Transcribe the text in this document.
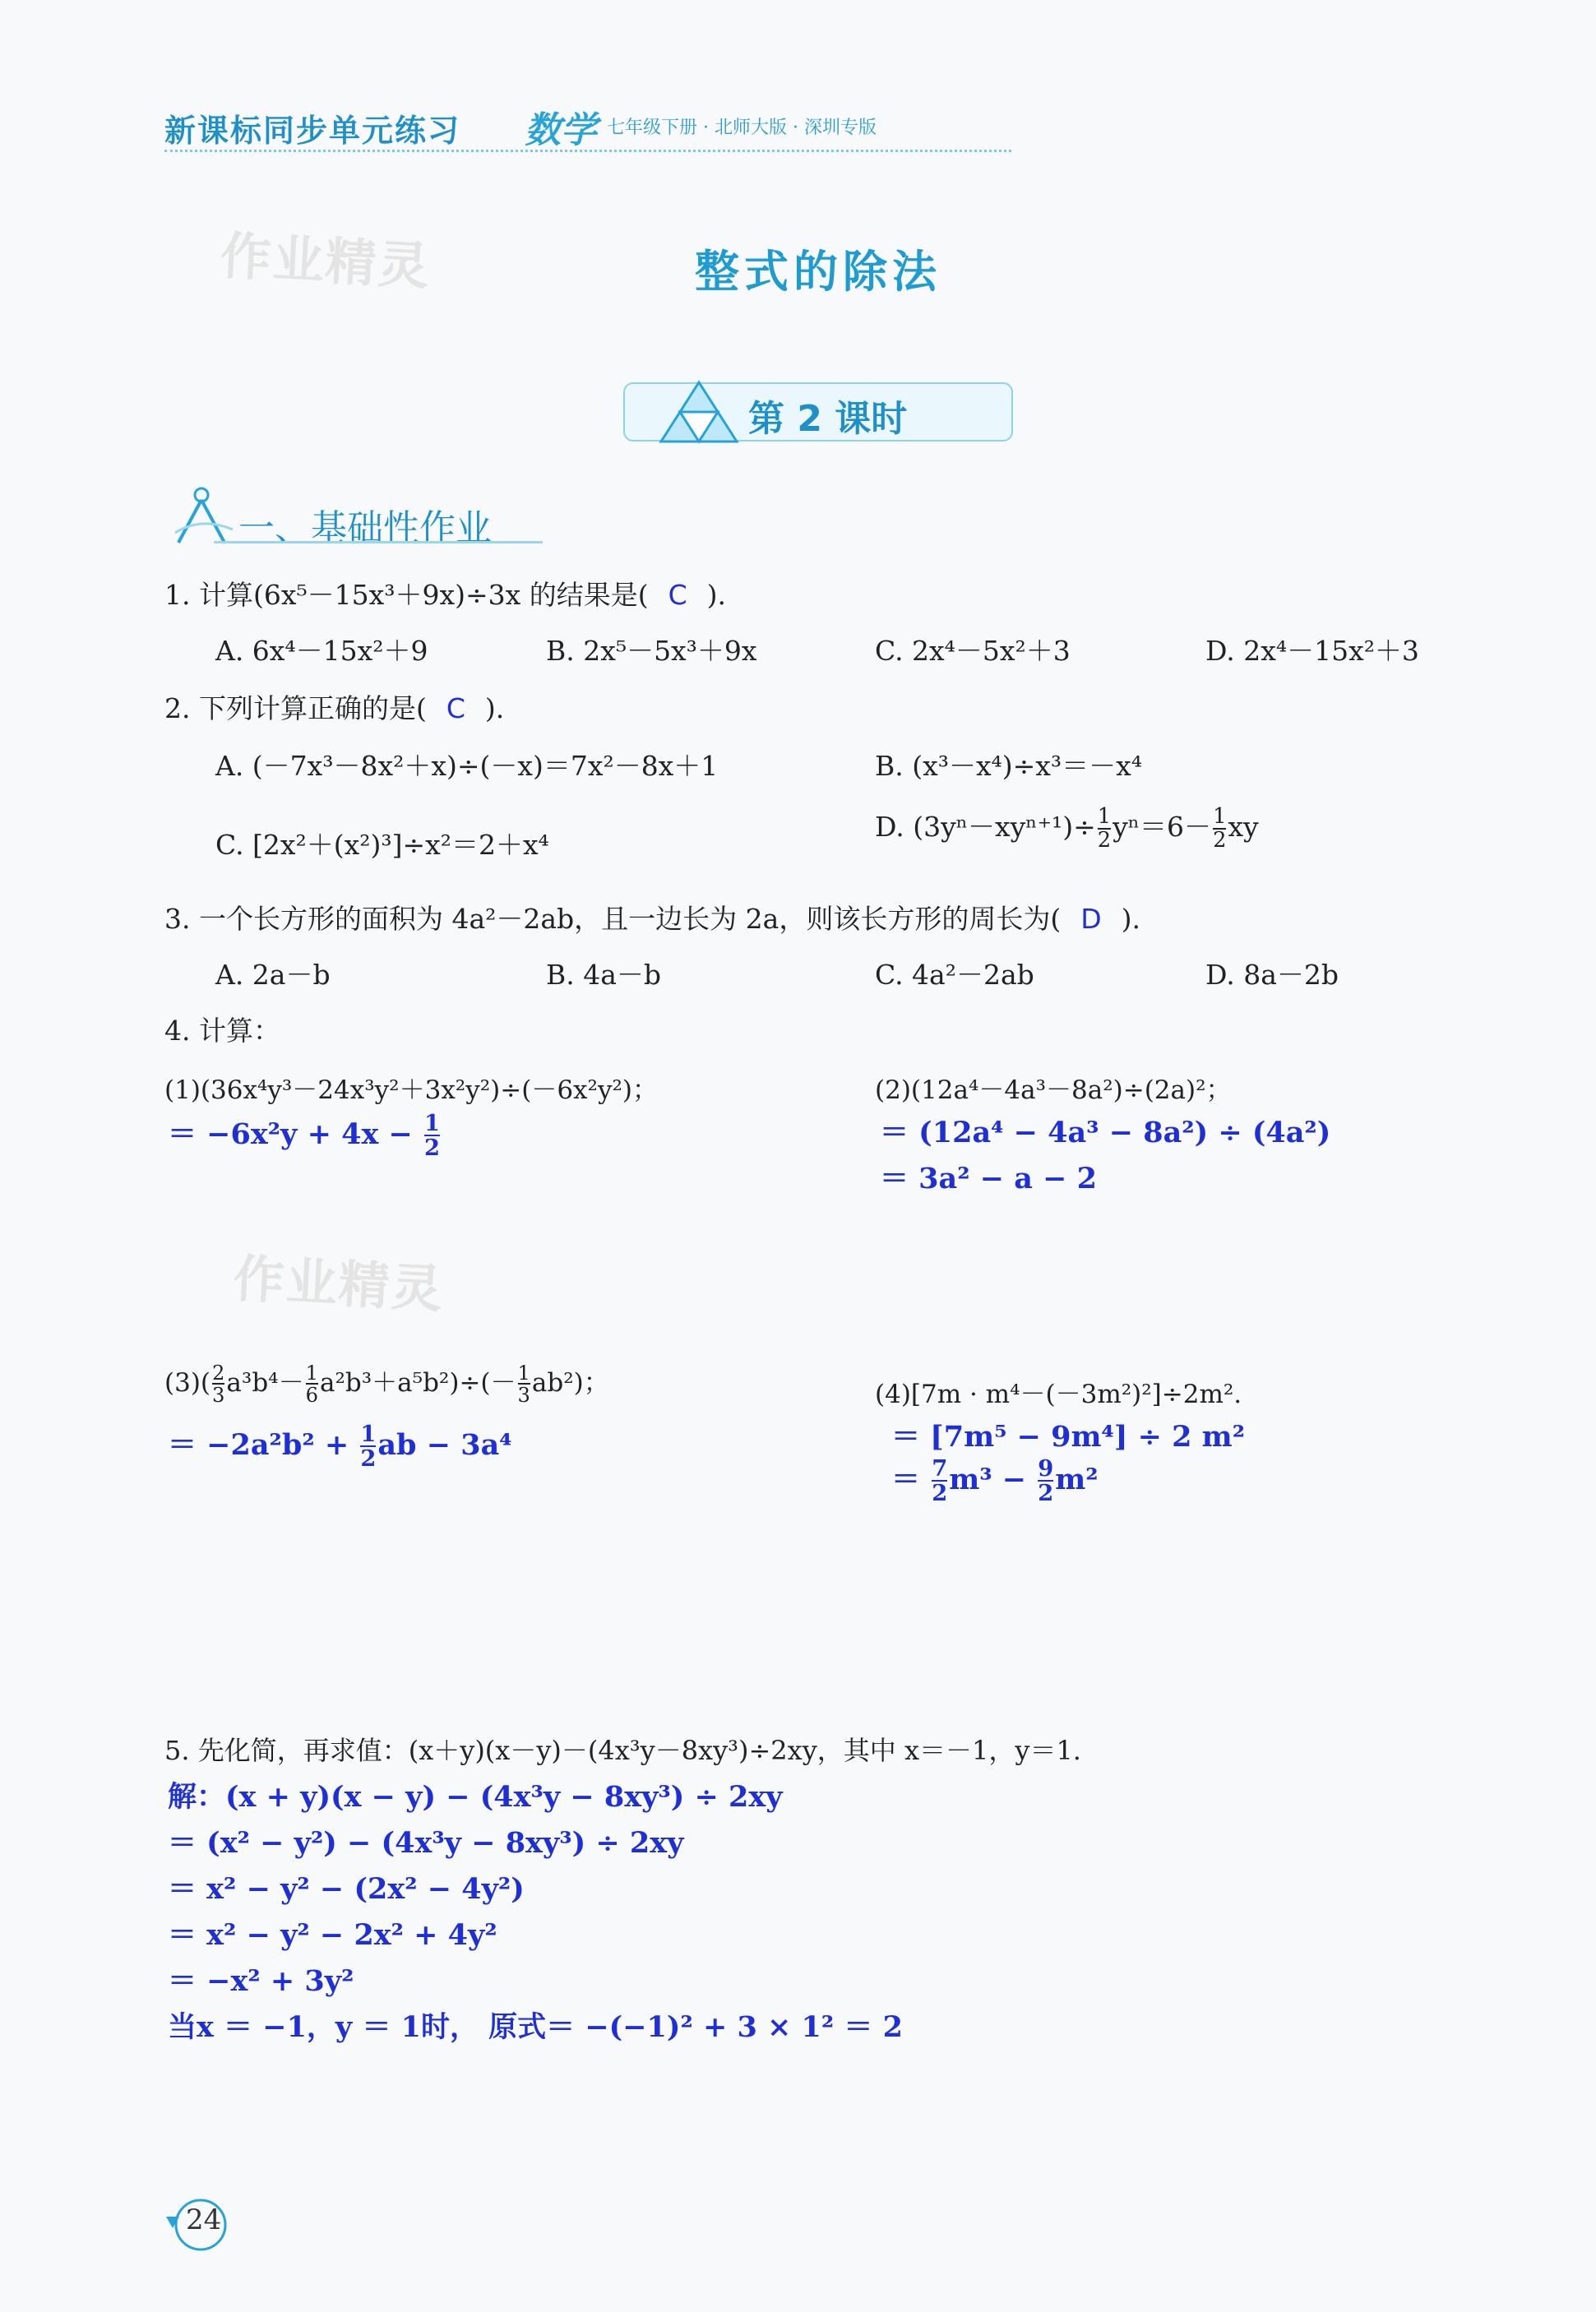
新课标同步单元练习 数学 七年级下册 · 北师大版 · 深圳专版
作业精灵
作业精灵
整式的除法
第 2 课时
一、基础性作业
1. 计算(6x⁵－15x³＋9x)÷3x 的结果是( C ).
A. 6x⁴－15x²＋9	B. 2x⁵－5x³＋9x	C. 2x⁴－5x²＋3	D. 2x⁴－15x²＋3
2. 下列计算正确的是( C ).
A. (－7x³－8x²＋x)÷(－x)＝7x²－8x＋1	B. (x³－x⁴)÷x³＝－x⁴
C. [2x²＋(x²)³]÷x²＝2＋x⁴
D. $(3y^n-xy^{n+1})\div \frac{1}{2} y^n=6- \frac{1}{2}$ xy
3. 一个长方形的面积为 4a²－2ab，且一边长为 2a，则该长方形的周长为( D ).
A. 2a－b	B. 4a－b	C. 4a²－2ab	D. 8a－2b
4. 计算：
(1)(36x⁴y³－24x³y²＋3x²y²)÷(－6x²y²)；
＝ $-6x^2y + 4x - \frac{1}{2}$
(2)(12a⁴－4a³－8a²)÷(2a)²；
＝ (12a⁴ − 4a³ − 8a²) ÷ (4a²)
＝ 3a² − a − 2
$(3)( \frac{2}{3} a^3b^4- \frac{1}{6} a^2b^3+a^5b^2)\div(- \frac{1}{3} ab^2)$；
＝ $-2a^2b^2 + \frac{1}{2}$ ab − 3a⁴
(4)[7m · m⁴－(－3m²)²]÷2m².
＝ [7m⁵ − 9m⁴] ÷ 2 m²
＝ $\frac{7}{2} m^3 - \frac{9}{2} m^2$
5. 先化简，再求值：(x＋y)(x－y)－(4x³y－8xy³)÷2xy，其中 x＝－1，y＝1.
解：(x + y)(x − y) − (4x³y − 8xy³) ÷ 2xy
＝ (x² − y²) − (4x³y − 8xy³) ÷ 2xy
＝ x² − y² − (2x² − 4y²)
＝ x² − y² − 2x² + 4y²
＝ −x² + 3y²
当x ＝ −1，y ＝ 1时， 原式＝ −(−1)² + 3 × 1² ＝ 2
24
